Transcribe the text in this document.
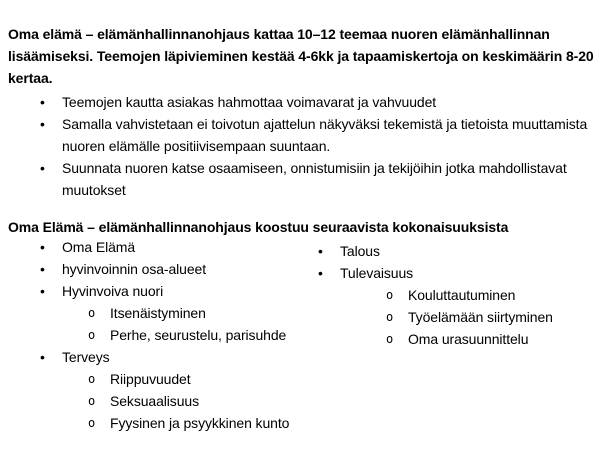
Oma elämä – elämänhallinnanohjaus kattaa 10–12 teemaa nuoren elämänhallinnan lisäämiseksi. Teemojen läpivieminen kestää 4-6kk ja tapaamiskertoja on keskimäärin 8-20 kertaa.

• Teemojen kautta asiakas hahmottaa voimavarat ja vahvuudet
• Samalla vahvistetaan ei toivotun ajattelun näkyväksi tekemistä ja tietoista muuttamista nuoren elämälle positiivisempaan suuntaan.
• Suunnata nuoren katse osaamiseen, onnistumisiin ja tekijöihin jotka mahdollistavat muutokset

Oma Elämä – elämänhallinnanohjaus koostuu seuraavista kokonaisuuksista

• Oma Elämä
• hyvinvoinnin osa-alueet
• Hyvinvoiva nuori
o Itsenäistyminen
o Perhe, seurustelu, parisuhde
• Terveys
o Riippuvuudet
o Seksuaalisuus
o Fyysinen ja psyykkinen kunto
• Talous
• Tulevaisuus
o Kouluttautuminen
o Työelämään siirtyminen
o Oma urasuunnittelu
